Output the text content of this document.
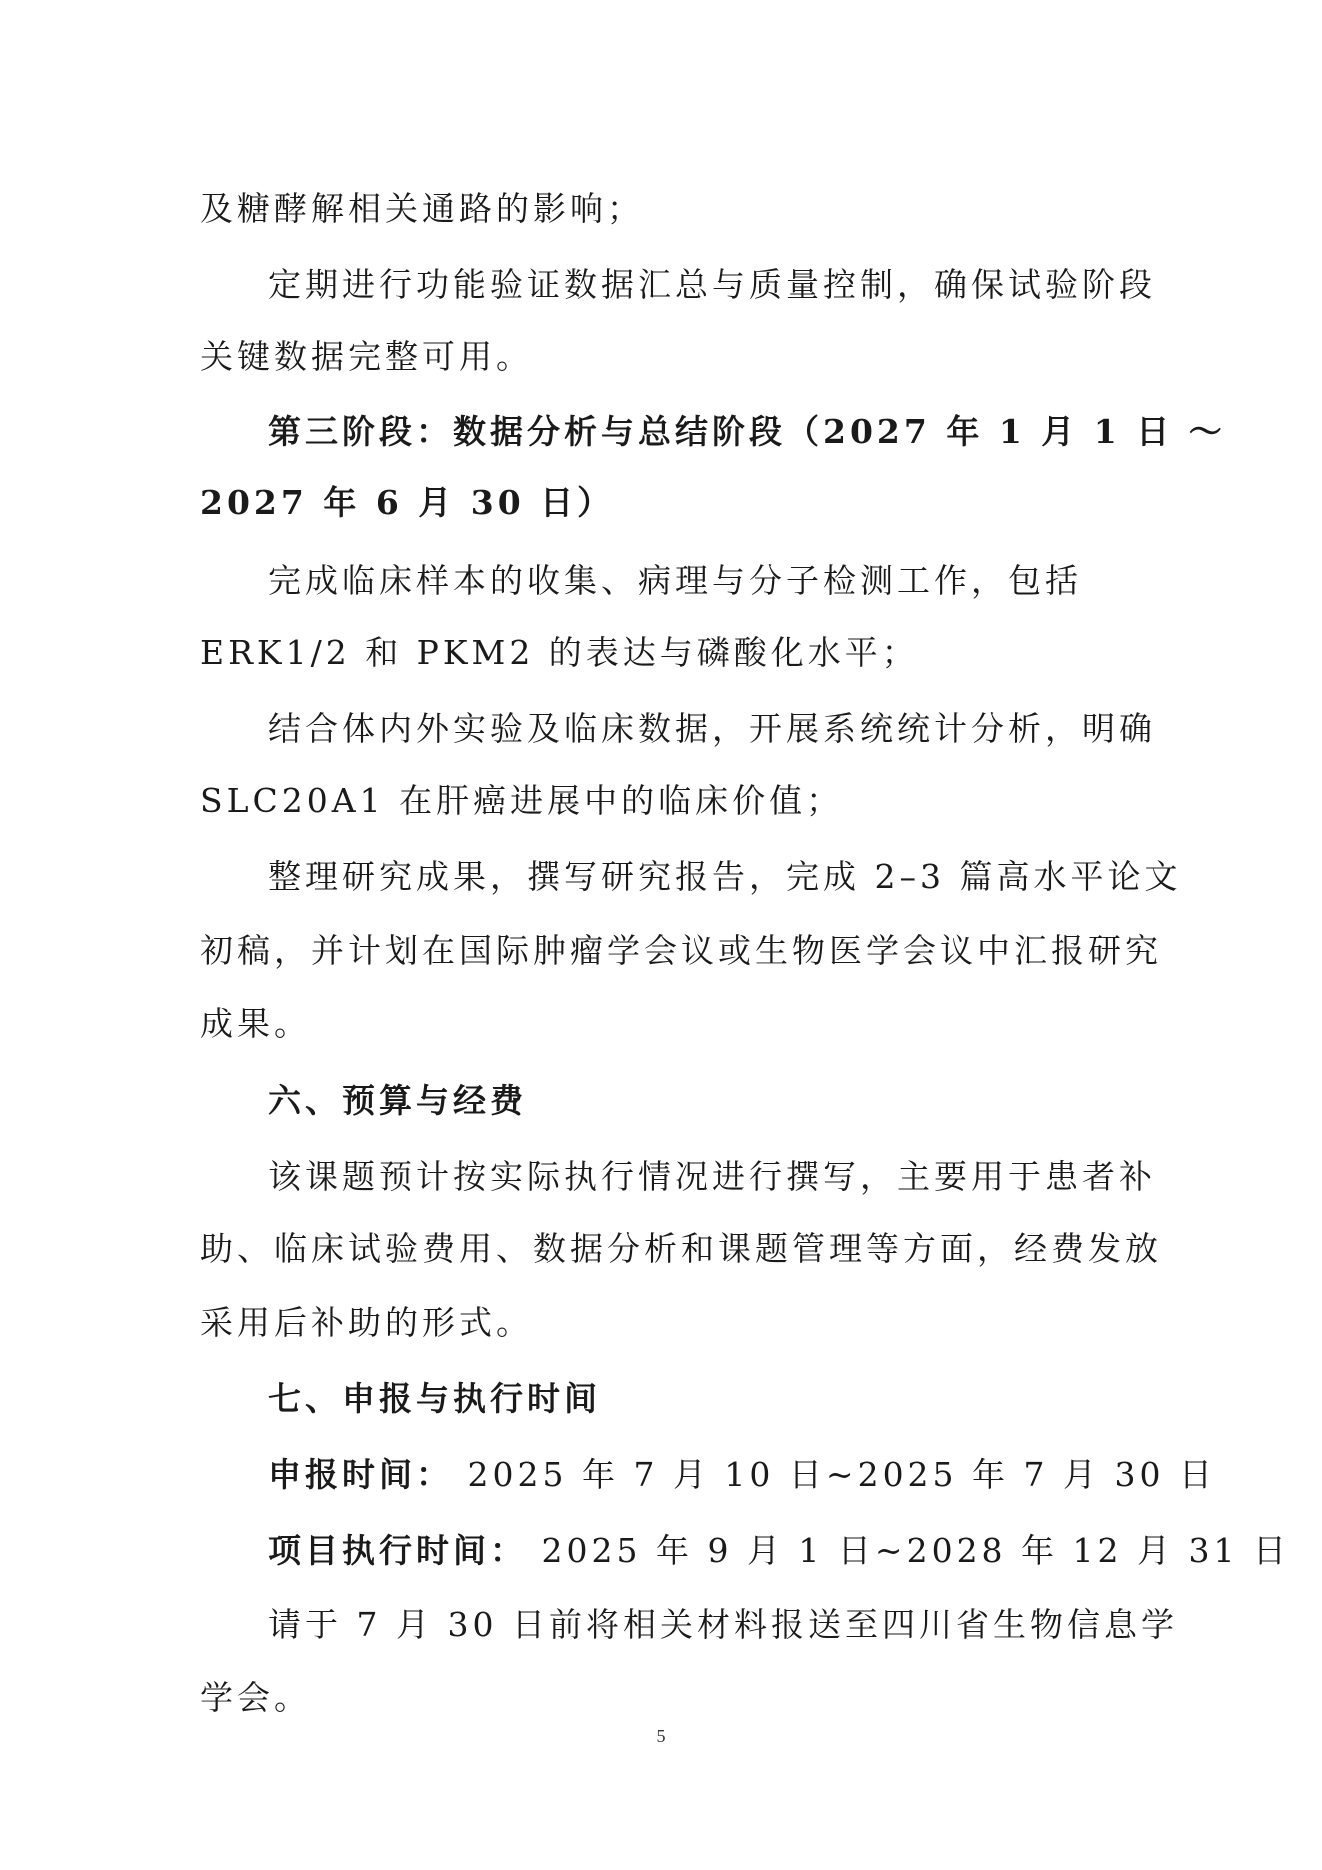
及糖酵解相关通路的影响；
定期进行功能验证数据汇总与质量控制，确保试验阶段
关键数据完整可用。
第三阶段：数据分析与总结阶段（2027 年 1 月 1 日 ～
2027 年 6 月 30 日）
完成临床样本的收集、病理与分子检测工作，包括
ERK1/2 和 PKM2 的表达与磷酸化水平；
结合体内外实验及临床数据，开展系统统计分析，明确
SLC20A1 在肝癌进展中的临床价值；
整理研究成果，撰写研究报告，完成 2–3 篇高水平论文
初稿，并计划在国际肿瘤学会议或生物医学会议中汇报研究
成果。
六、预算与经费
该课题预计按实际执行情况进行撰写，主要用于患者补
助、临床试验费用、数据分析和课题管理等方面，经费发放
采用后补助的形式。
七、申报与执行时间
申报时间： 2025 年 7 月 10 日~2025 年 7 月 30 日
项目执行时间： 2025 年 9 月 1 日~2028 年 12 月 31 日
请于 7 月 30 日前将相关材料报送至四川省生物信息学
学会。
5
